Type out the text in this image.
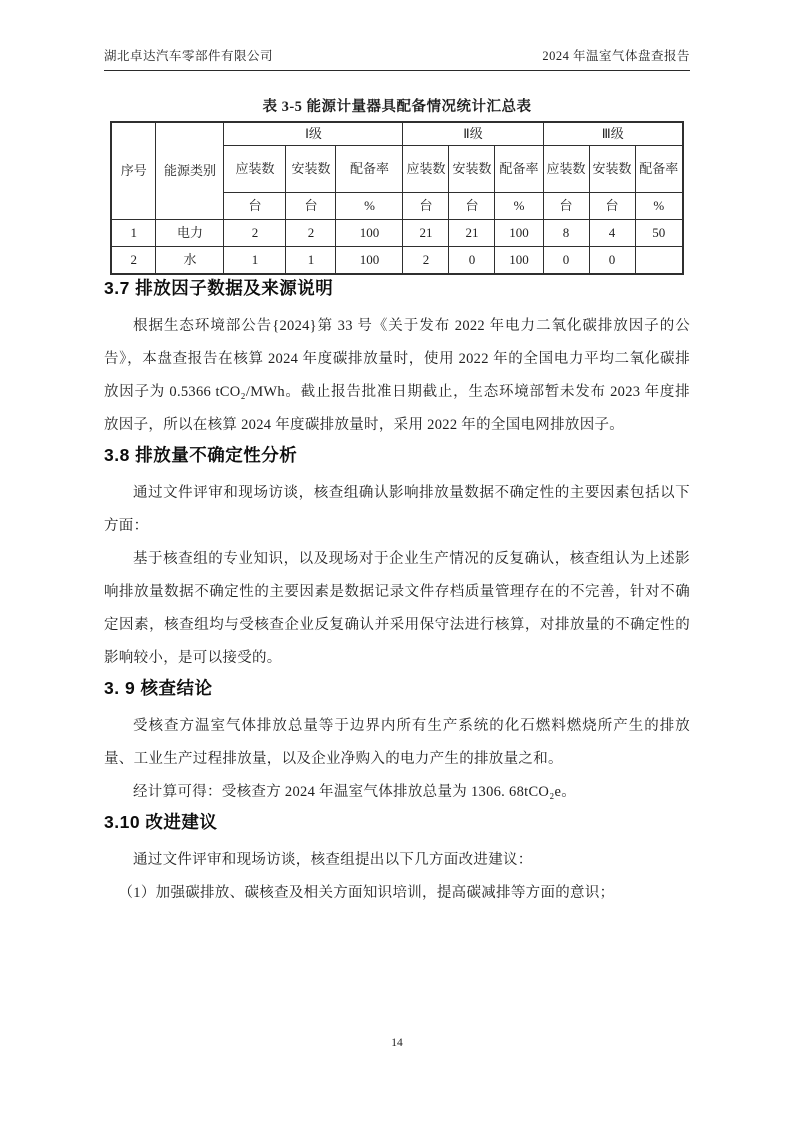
湖北卓达汽车零部件有限公司	2024 年温室气体盘查报告
表 3-5 能源计量器具配备情况统计汇总表
序号	能源类别	Ⅰ级			Ⅱ级			Ⅲ级		
		应装数	安装数	配备率	应装数	安装数	配备率	应装数	安装数	配备率
		台	台	%	台	台	%	台	台	%
1	电力	2	2	100	21	21	100	8	4	50
2	水	1	1	100	2	0	100	0	0	
3.7 排放因子数据及来源说明

根据生态环境部公告{2024}第 33 号《关于发布 2022 年电力二氧化碳排放因子的公告》，本盘查报告在核算 2024 年度碳排放量时，使用 2022 年的全国电力平均二氧化碳排放因子为 0.5366 tCO₂/MWh。截止报告批准日期截止，生态环境部暂未发布 2023 年度排放因子，所以在核算 2024 年度碳排放量时，采用 2022 年的全国电网排放因子。

3.8 排放量不确定性分析

通过文件评审和现场访谈，核查组确认影响排放量数据不确定性的主要因素包括以下方面：

基于核查组的专业知识，以及现场对于企业生产情况的反复确认，核查组认为上述影响排放量数据不确定性的主要因素是数据记录文件存档质量管理存在的不完善，针对不确定因素，核查组均与受核查企业反复确认并采用保守法进行核算，对排放量的不确定性的影响较小，是可以接受的。

3. 9 核查结论

受核查方温室气体排放总量等于边界内所有生产系统的化石燃料燃烧所产生的排放量、工业生产过程排放量，以及企业净购入的电力产生的排放量之和。

经计算可得：受核查方 2024 年温室气体排放总量为 1306. 68tCO₂e。

3.10 改进建议

通过文件评审和现场访谈，核查组提出以下几方面改进建议：

（1）加强碳排放、碳核查及相关方面知识培训，提高碳减排等方面的意识；

14
